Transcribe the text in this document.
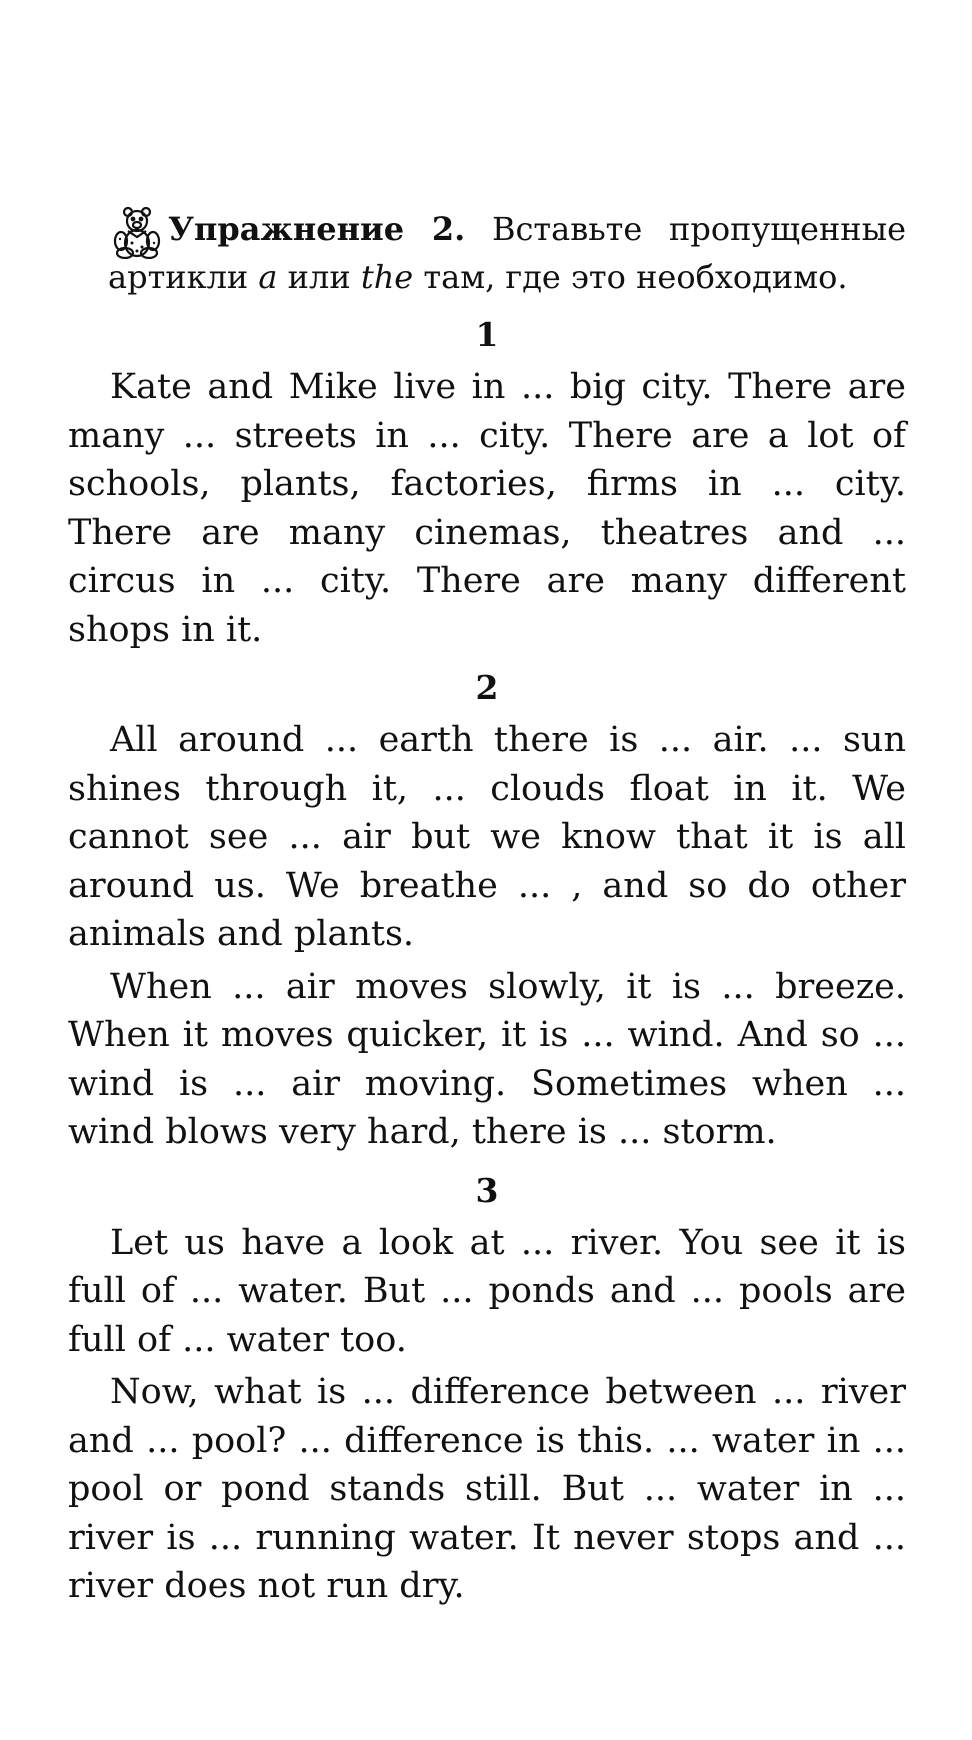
Упражнение 2. Вставьте пропущенные артикли a или the там, где это необходимо.

1

Kate and Mike live in ... big city. There are many ... streets in ... city. There are a lot of schools, plants, factories, firms in ... city. There are many cinemas, theatres and ... circus in ... city. There are many different shops in it.

2

All around ... earth there is ... air. ... sun shines through it, ... clouds float in it. We cannot see ... air but we know that it is all around us. We breathe ... , and so do other animals and plants.

When ... air moves slowly, it is ... breeze. When it moves quicker, it is ... wind. And so ... wind is ... air moving. Sometimes when ... wind blows very hard, there is ... storm.

3

Let us have a look at ... river. You see it is full of ... water. But ... ponds and ... pools are full of ... water too.

Now, what is ... difference between ... river and ... pool? ... difference is this. ... water in ... pool or pond stands still. But ... water in ... river is ... running water. It never stops and ... river does not run dry.
